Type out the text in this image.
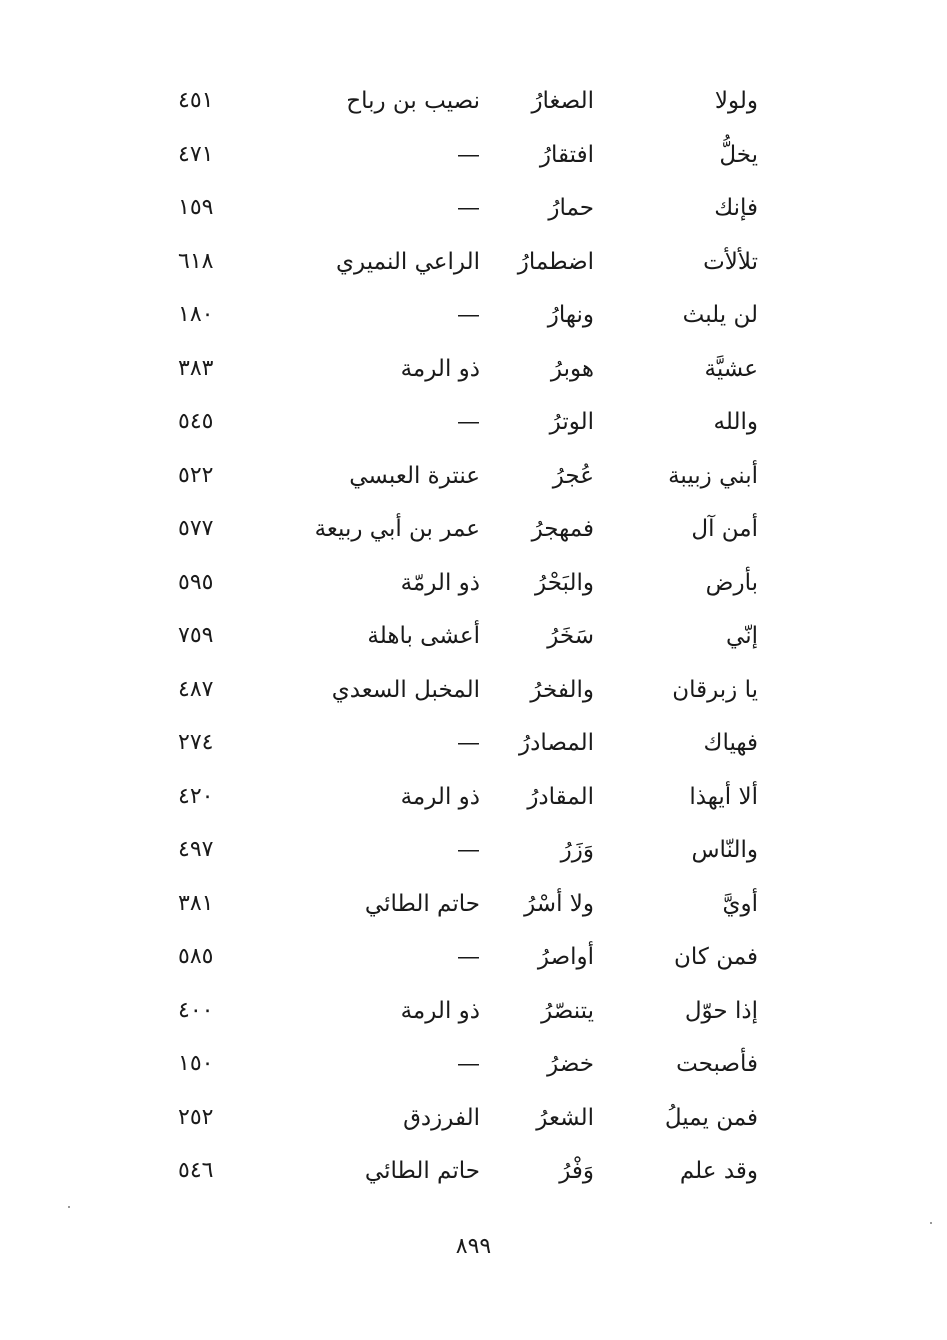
ولولا
الصغارُ
نصيب بن رباح
٤٥١
يخلُّ
افتقارُ
—
٤٧١
فإنك
حمارُ
—
١٥٩
تلألأت
اضطمارُ
الراعي النميري
٦١٨
لن يلبث
ونهارُ
—
١٨٠
عشيَّة
هوبرُ
ذو الرمة
٣٨٣
والله
الوترُ
—
٥٤٥
أبني زبيبة
عُجرُ
عنترة العبسي
٥٢٢
أمن آل
فمهجرُ
عمر بن أبي ربيعة
٥٧٧
بأرض
والبَحْرُ
ذو الرمّة
٥٩٥
إنّي
سَخَرُ
أعشى باهلة
٧٥٩
يا زبرقان
والفخرُ
المخبل السعدي
٤٨٧
فهياك
المصادرُ
—
٢٧٤
ألا أيهذا
المقادرُ
ذو الرمة
٤٢٠
والنّاس
وَزَرُ
—
٤٩٧
أويَّ
ولا أسْرُ
حاتم الطائي
٣٨١
فمن كان
أواصرُ
—
٥٨٥
إذا حوّل
يتنصّرُ
ذو الرمة
٤٠٠
فأصبحت
خضرُ
—
١٥٠
فمن يميلُ
الشعرُ
الفرزدق
٢٥٢
وقد علم
وَفْرُ
حاتم الطائي
٥٤٦
٨٩٩
